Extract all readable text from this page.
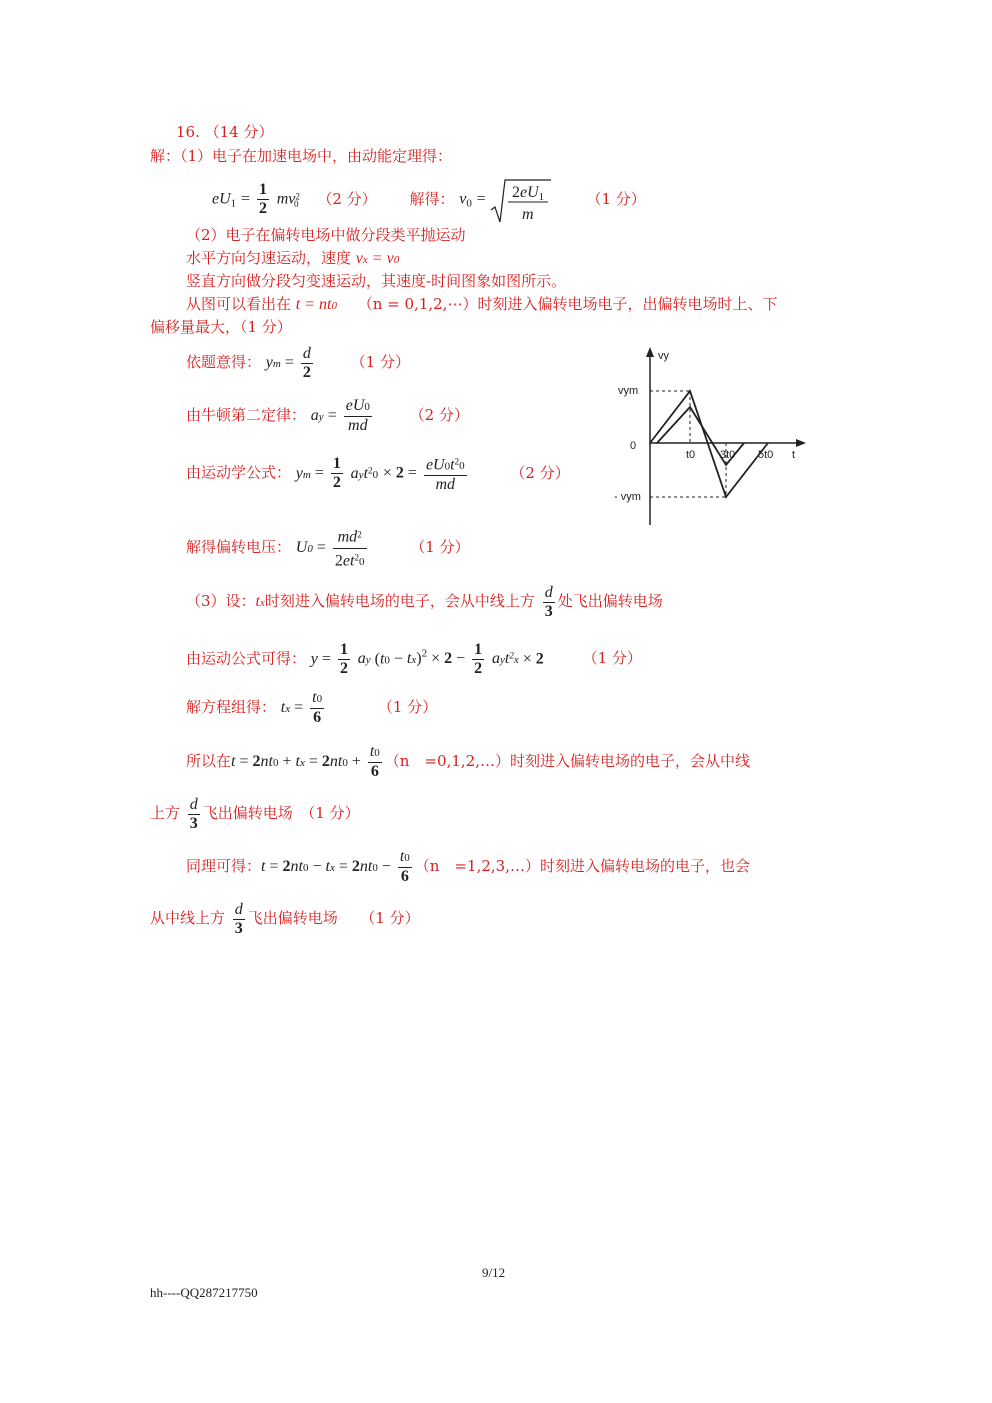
16. （14 分）
解：（1）电子在加速电场中，由动能定理得：
$eU_1 = \frac{1}{2} mv^2_0$ （2 分） 解得： $v_0 = 2eU1$
m
（1 分）
（2）电子在偏转电场中做分段类平抛运动
水平方向匀速运动，速度 vx = v0
竖直方向做分段匀变速运动，其速度-时间图象如图所示。
从图可以看出在 t = nt0 （n = 0,1,2,⋯）时刻进入偏转电场电子，出偏转电场时上、下
偏移量最大，（1 分）
依题意得： ym = $\frac{d}{2}$	（1 分）
由牛顿第二定律： ay = $\frac{eU0}{md}$	（2 分）
由运动学公式： ym = $\frac{1}{2} ayt^20 \times 2 = \frac{eU0t^20}{md}$	（2 分）
解得偏转电压： $U0 = \frac{md^2}{2et^20}$	（1 分）
vy
vym
0
- vym
t0 3t0 5t0 t
（3）设：tx时刻进入偏转电场的电子，会从中线上方 $\frac{d}{3}$ 处飞出偏转电场
由运动公式可得： $y = \frac{1}{2}$ ay $(t0 - tx)^2 \times 2 - \frac{1}{2} ayt^2x \times 2$	（1 分）
解方程组得： tx = $\frac{t0}{6}$	（1 分）
所以在t = 2nt0 + tx = $2nt0 + \frac{t0}{6} (n$　=0,1,2,…）时刻进入偏转电场的电子，会从中线
上方 $\frac{d}{3}$ 飞出偏转电场　（1 分）
同理可得：t = 2nt0 − tx = $2nt0 - \frac{t0}{6} (n$　=1,2,3,…）时刻进入偏转电场的电子，也会
从中线上方 $\frac{d}{3}$ 飞出偏转电场　　（1 分）
9/12
hh----QQ287217750
